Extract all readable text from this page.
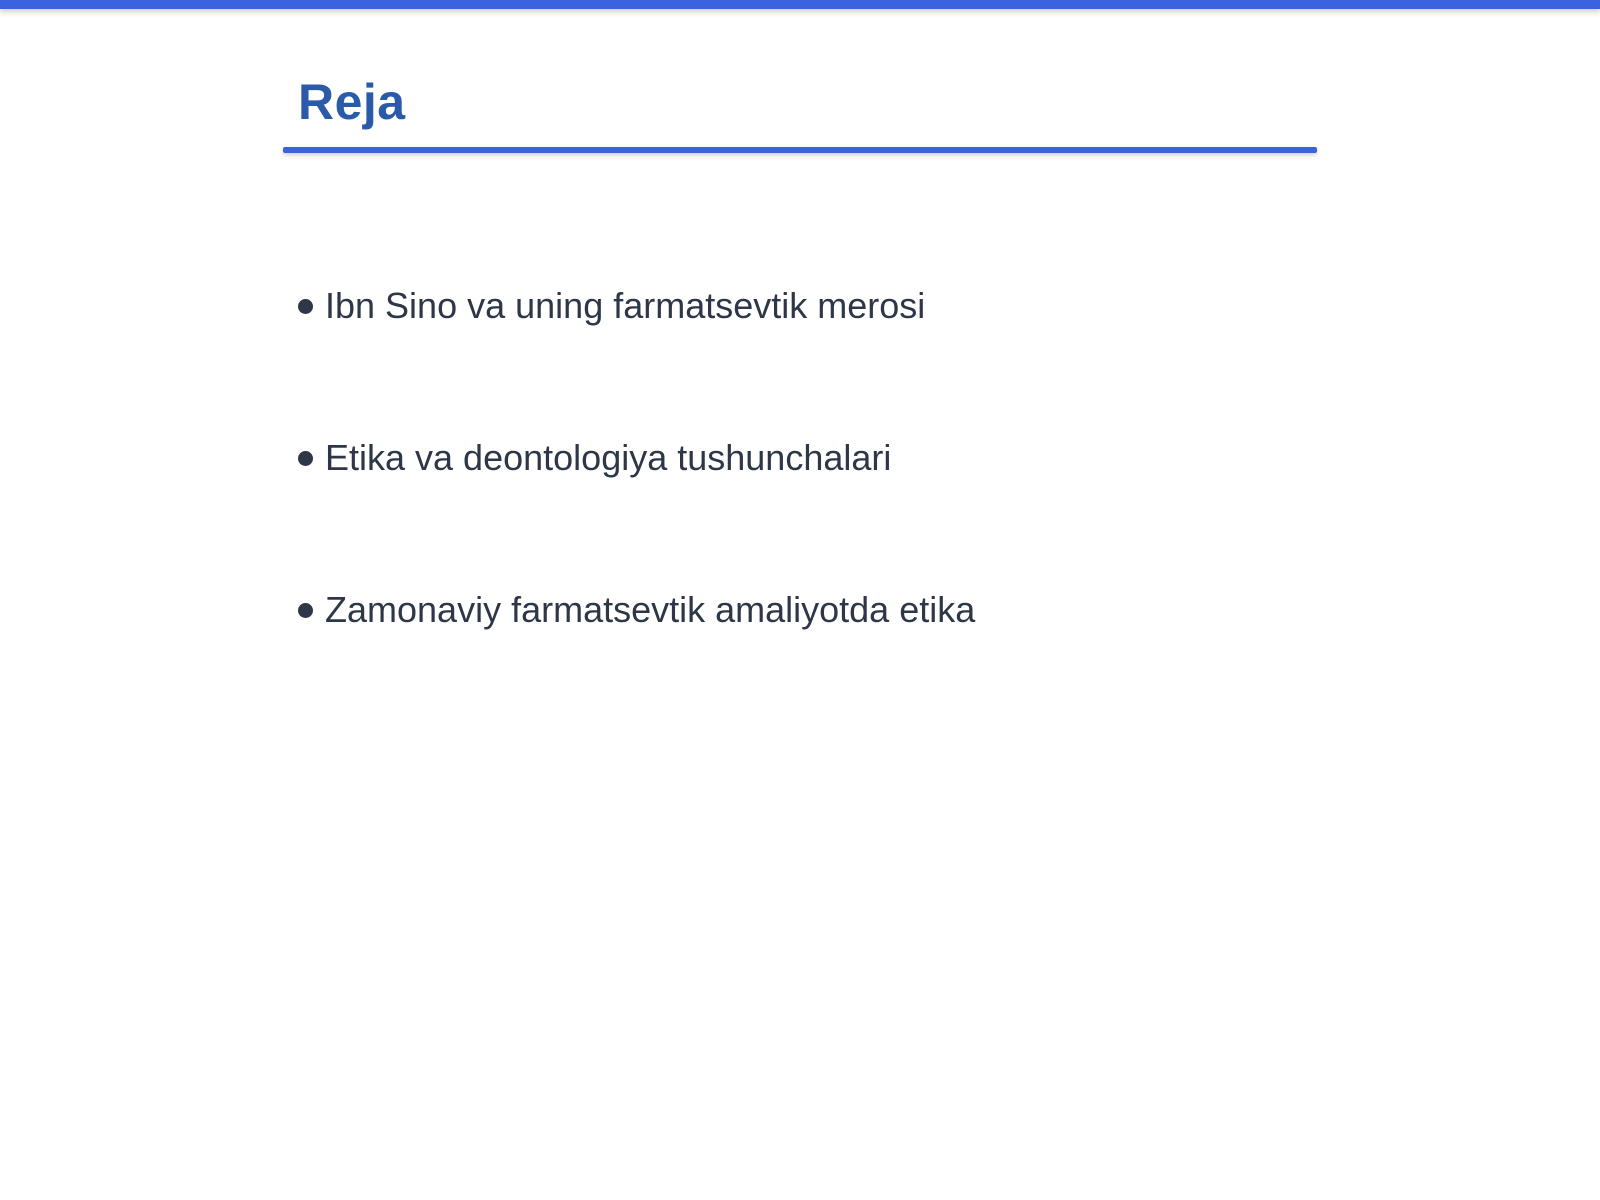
Reja
Ibn Sino va uning farmatsevtik merosi
Etika va deontologiya tushunchalari
Zamonaviy farmatsevtik amaliyotda etika
